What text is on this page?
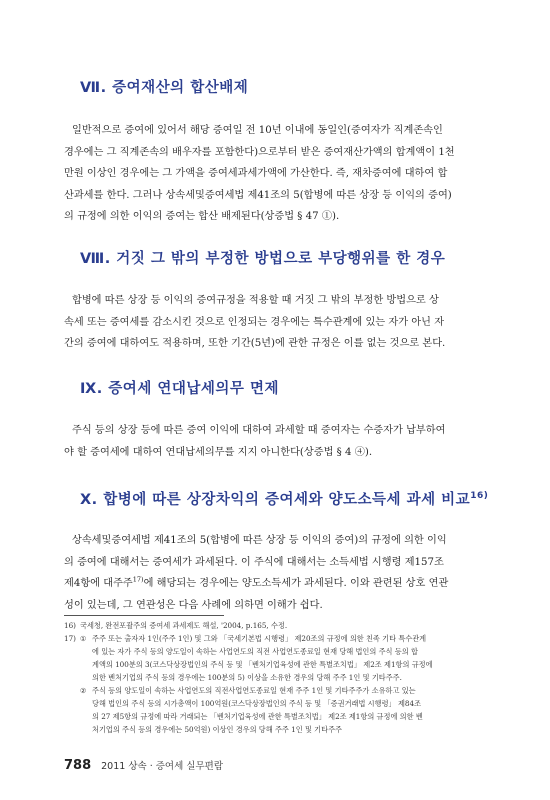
Ⅶ. 증여재산의 합산배제
일반적으로 증여에 있어서 해당 증여일 전 10년 이내에 동일인(증여자가 직계존속인
경우에는 그 직계존속의 배우자를 포함한다)으로부터 받은 증여재산가액의 합계액이 1천
만원 이상인 경우에는 그 가액을 증여세과세가액에 가산한다. 즉, 재차증여에 대하여 합
산과세를 한다. 그러나 상속세및증여세법 제41조의 5(합병에 따른 상장 등 이익의 증여)
의 규정에 의한 이익의 증여는 합산 배제된다(상증법 § 47 ①).
Ⅷ. 거짓 그 밖의 부정한 방법으로 부당행위를 한 경우
합병에 따른 상장 등 이익의 증여규정을 적용할 때 거짓 그 밖의 부정한 방법으로 상
속세 또는 증여세를 감소시킨 것으로 인정되는 경우에는 특수관계에 있는 자가 아닌 자
간의 증여에 대하여도 적용하며, 또한 기간(5년)에 관한 규정은 이를 없는 것으로 본다.
Ⅸ. 증여세 연대납세의무 면제
주식 등의 상장 등에 따른 증여 이익에 대하여 과세할 때 증여자는 수증자가 납부하여
야 할 증여세에 대하여 연대납세의무를 지지 아니한다(상증법 § 4 ④).
Ⅹ. 합병에 따른 상장차익의 증여세와 양도소득세 과세 비교$^{16)}$
상속세및증여세법 제41조의 5(합병에 따른 상장 등 이익의 증여)의 규정에 의한 이익
의 증여에 대해서는 증여세가 과세된다. 이 주식에 대해서는 소득세법 시행령 제157조
제4항에 대주주$^{17)}$에 해당되는 경우에는 양도소득세가 과세된다. 이와 관련된 상호 연관
성이 있는데, 그 연관성은 다음 사례에 의하면 이해가 쉽다.
16) 국세청, 완전포괄주의 증여세 과세제도 해설, '2004, p.165, 수정.
17) ① 주주 또는 출자자 1인(주주 1인) 및 그와 「국세기본법 시행령」 제20조의 규정에 의한 친족 기타 특수관계
에 있는 자가 주식 등의 양도일이 속하는 사업연도의 직전 사업연도종료일 현재 당해 법인의 주식 등의 합
계액의 100분의 3(코스닥상장법인의 주식 등 및 「벤처기업육성에 관한 특별조치법」 제2조 제1항의 규정에
의한 벤처기업의 주식 등의 경우에는 100분의 5) 이상을 소유한 경우의 당해 주주 1인 및 기타주주.
② 주식 등의 양도일이 속하는 사업연도의 직전사업연도종료일 현재 주주 1인 및 기타주주가 소유하고 있는
당해 법인의 주식 등의 시가총액이 100억원(코스닥상장법인의 주식 등 및 「증권거래법 시행령」 제84조
의 27 제5항의 규정에 따라 거래되는 「벤처기업육성에 관한 특별조치법」 제2조 제1항의 규정에 의한 벤
처기업의 주식 등의 경우에는 50억원) 이상인 경우의 당해 주주 1인 및 기타주주
788 2011 상속 · 증여세 실무편람
